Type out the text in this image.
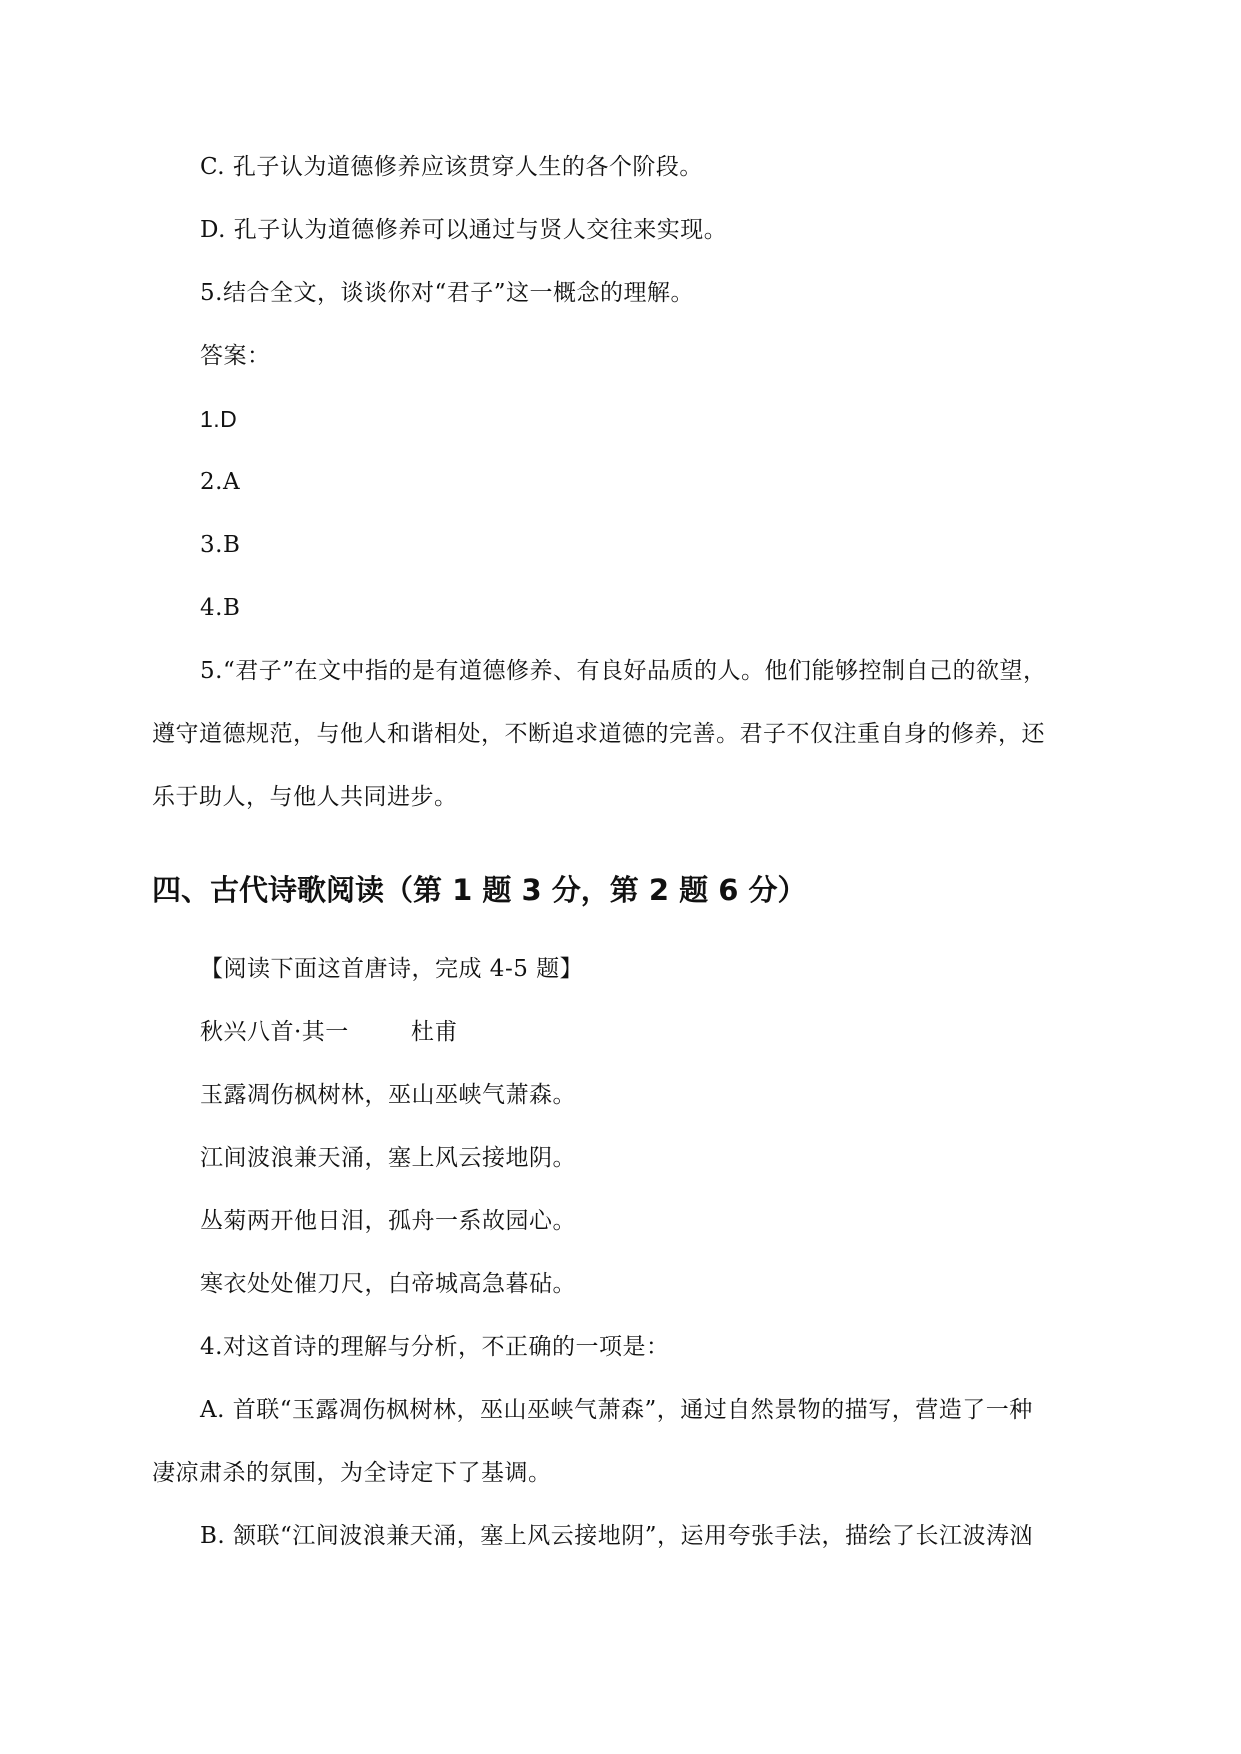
C. 孔子认为道德修养应该贯穿人生的各个阶段。
D. 孔子认为道德修养可以通过与贤人交往来实现。
5.结合全文，谈谈你对“君子”这一概念的理解。
答案：
1.D
2.A
3.B
4.B
5.“君子”在文中指的是有道德修养、有良好品质的人。他们能够控制自己的欲望，
遵守道德规范，与他人和谐相处，不断追求道德的完善。君子不仅注重自身的修养，还
乐于助人，与他人共同进步。
四、古代诗歌阅读（第 1 题 3 分，第 2 题 6 分）
【阅读下面这首唐诗，完成 4-5 题】
秋兴八首·其一	杜甫
玉露凋伤枫树林，巫山巫峡气萧森。
江间波浪兼天涌，塞上风云接地阴。
丛菊两开他日泪，孤舟一系故园心。
寒衣处处催刀尺，白帝城高急暮砧。
4.对这首诗的理解与分析，不正确的一项是：
A. 首联“玉露凋伤枫树林，巫山巫峡气萧森”，通过自然景物的描写，营造了一种
凄凉肃杀的氛围，为全诗定下了基调。
B. 颔联“江间波浪兼天涌，塞上风云接地阴”，运用夸张手法，描绘了长江波涛汹
